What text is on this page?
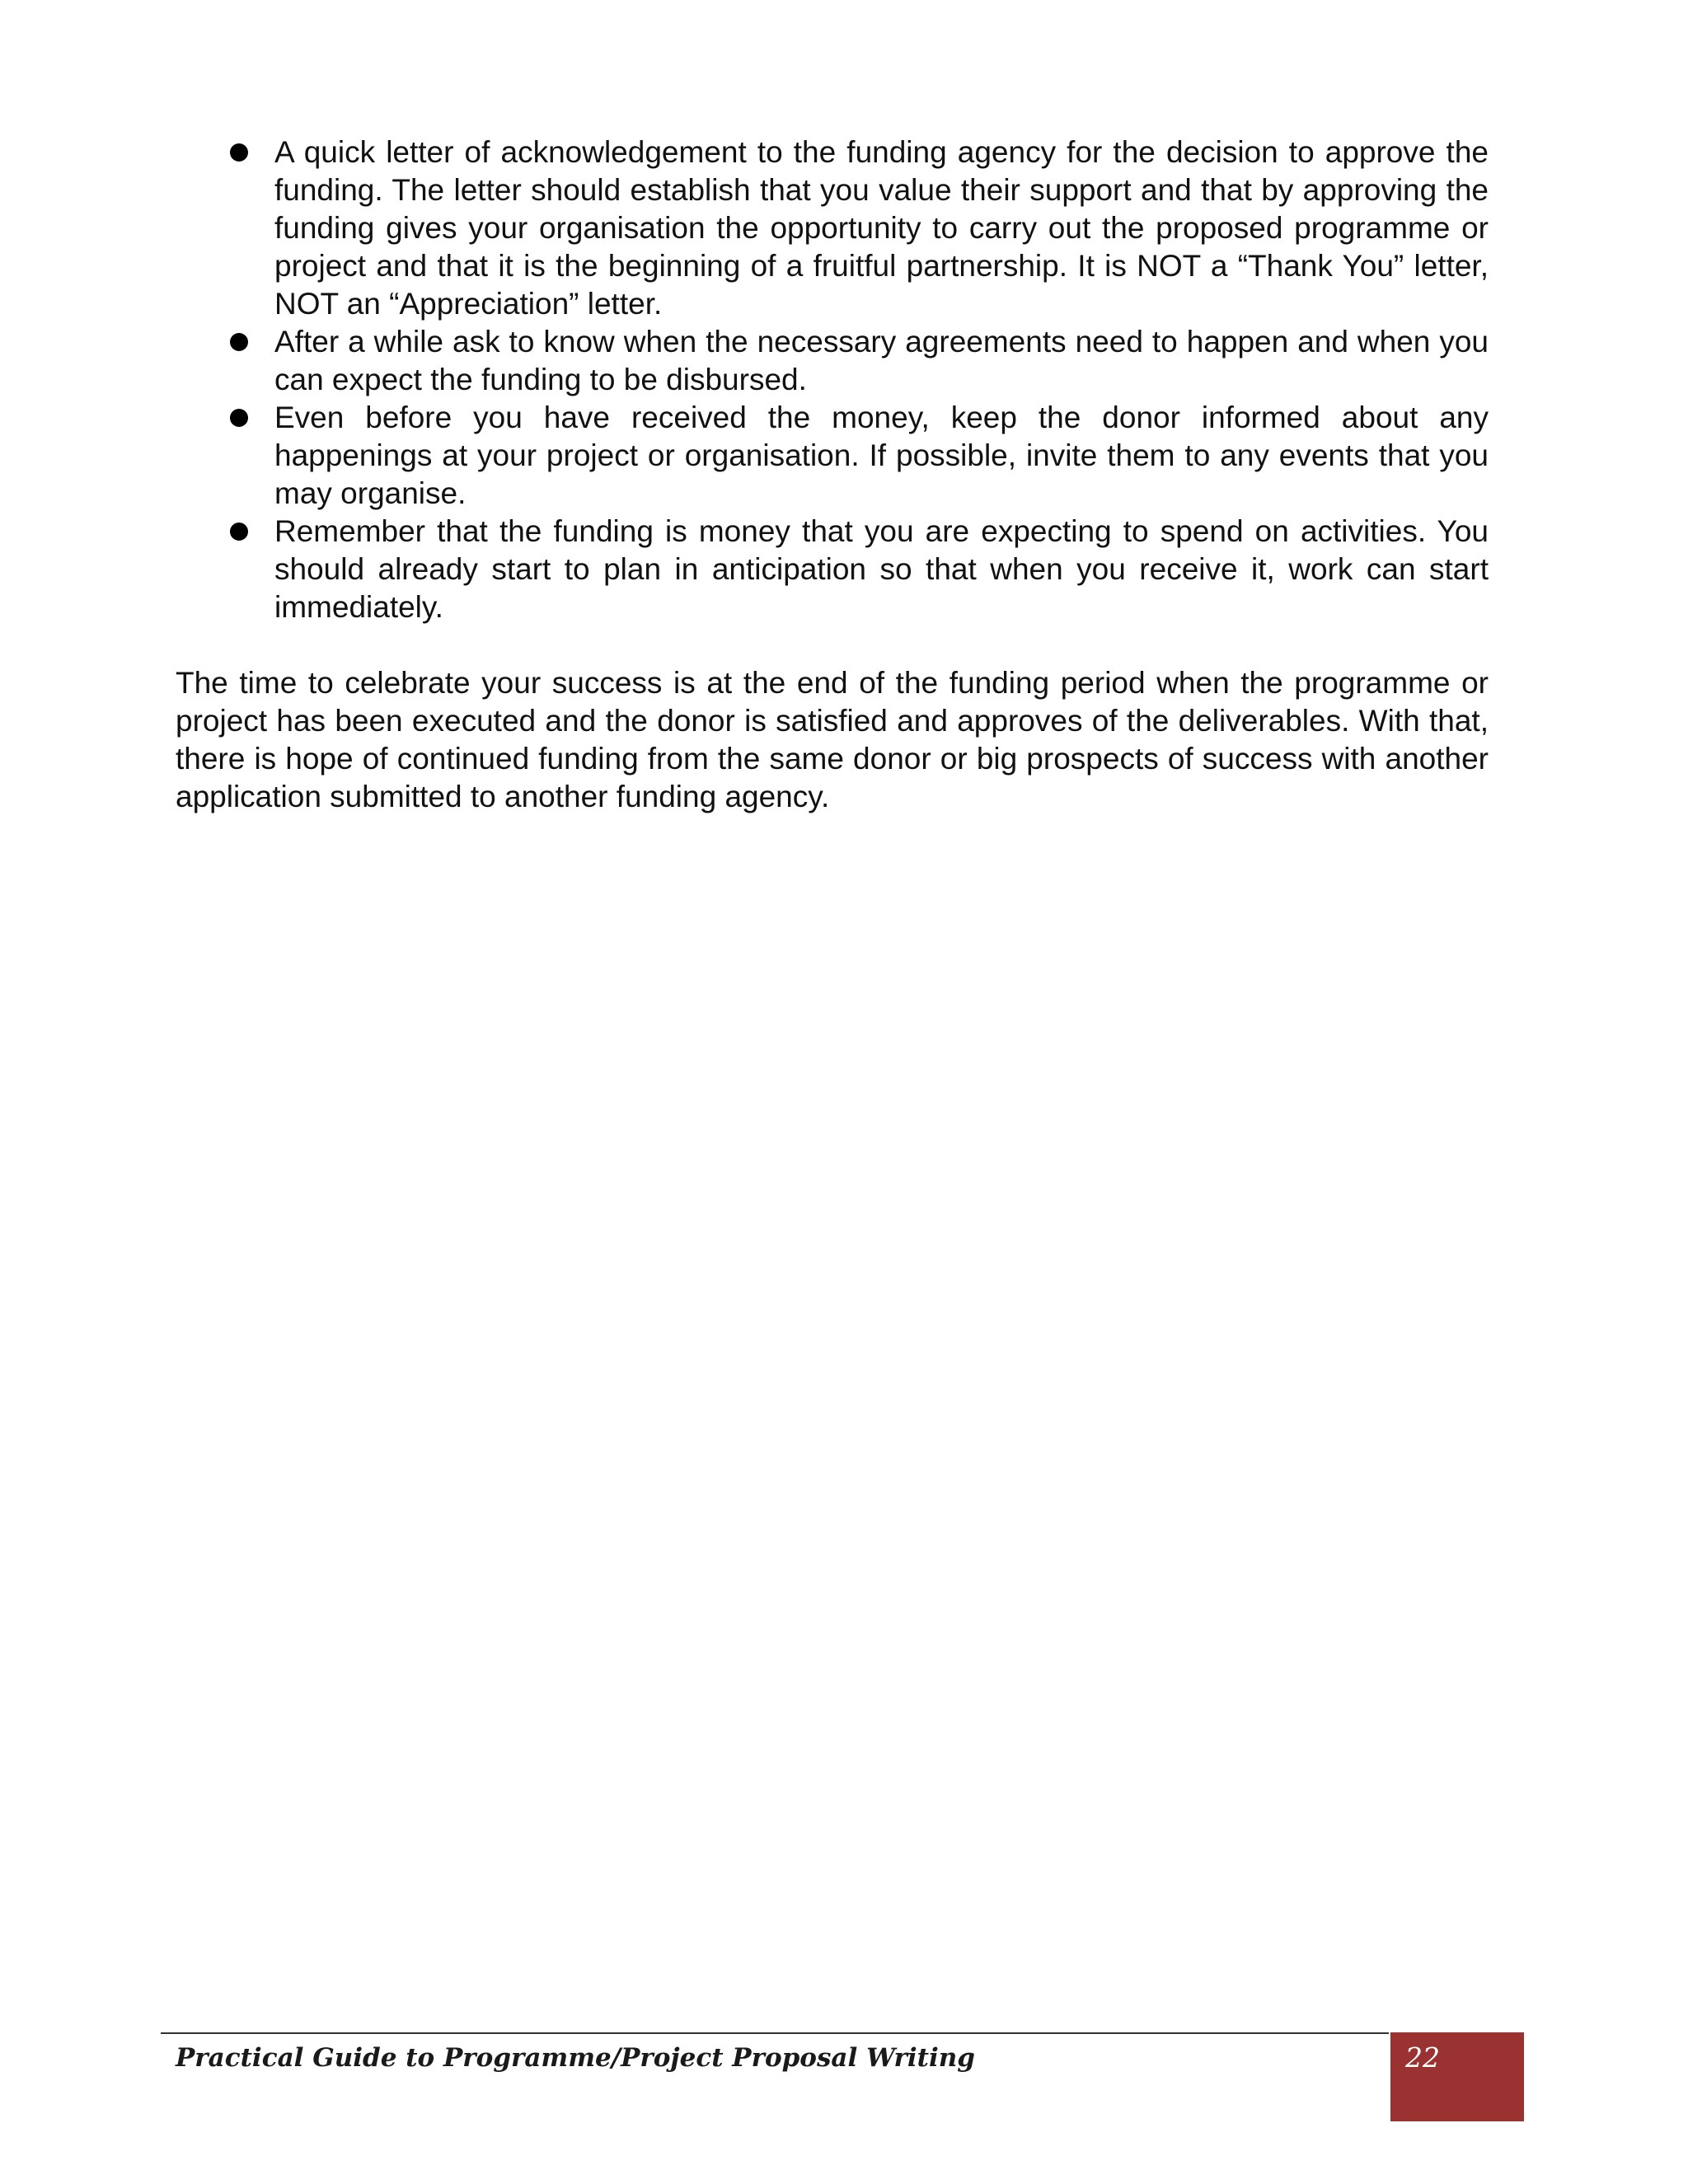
A quick letter of acknowledgement to the funding agency for the decision to approve the funding. The letter should establish that you value their support and that by approving the funding gives your organisation the opportunity to carry out the proposed programme or project and that it is the beginning of a fruitful partnership. It is NOT a “Thank You” letter, NOT an “Appreciation” letter.
After a while ask to know when the necessary agreements need to happen and when you can expect the funding to be disbursed.
Even before you have received the money, keep the donor informed about any happenings at your project or organisation. If possible, invite them to any events that you may organise.
Remember that the funding is money that you are expecting to spend on activities. You should already start to plan in anticipation so that when you receive it, work can start immediately.

The time to celebrate your success is at the end of the funding period when the programme or project has been executed and the donor is satisfied and approves of the deliverables. With that, there is hope of continued funding from the same donor or big prospects of success with another application submitted to another funding agency.

Practical Guide to Programme/Project Proposal Writing	22
